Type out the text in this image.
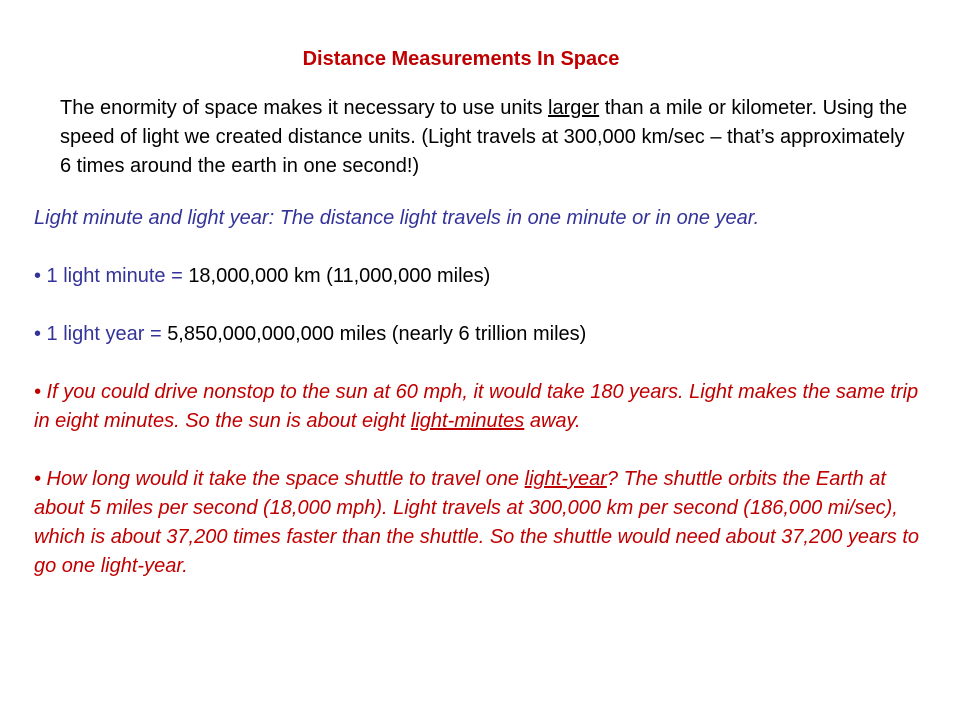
Distance Measurements In Space
The enormity of space makes it necessary to use units larger than a mile or kilometer. Using the speed of light we created distance units. (Light travels at 300,000 km/sec – that’s approximately 6 times around the earth in one second!)

Light minute and light year: The distance light travels in one minute or in one year.

• 1 light minute = 18,000,000 km (11,000,000 miles)

• 1 light year = 5,850,000,000,000 miles (nearly 6 trillion miles)

• If you could drive nonstop to the sun at 60 mph, it would take 180 years. Light makes the same trip in eight minutes. So the sun is about eight light-minutes away.

• How long would it take the space shuttle to travel one light-year? The shuttle orbits the Earth at about 5 miles per second (18,000 mph). Light travels at 300,000 km per second (186,000 mi/sec), which is about 37,200 times faster than the shuttle. So the shuttle would need about 37,200 years to go one light-year.
